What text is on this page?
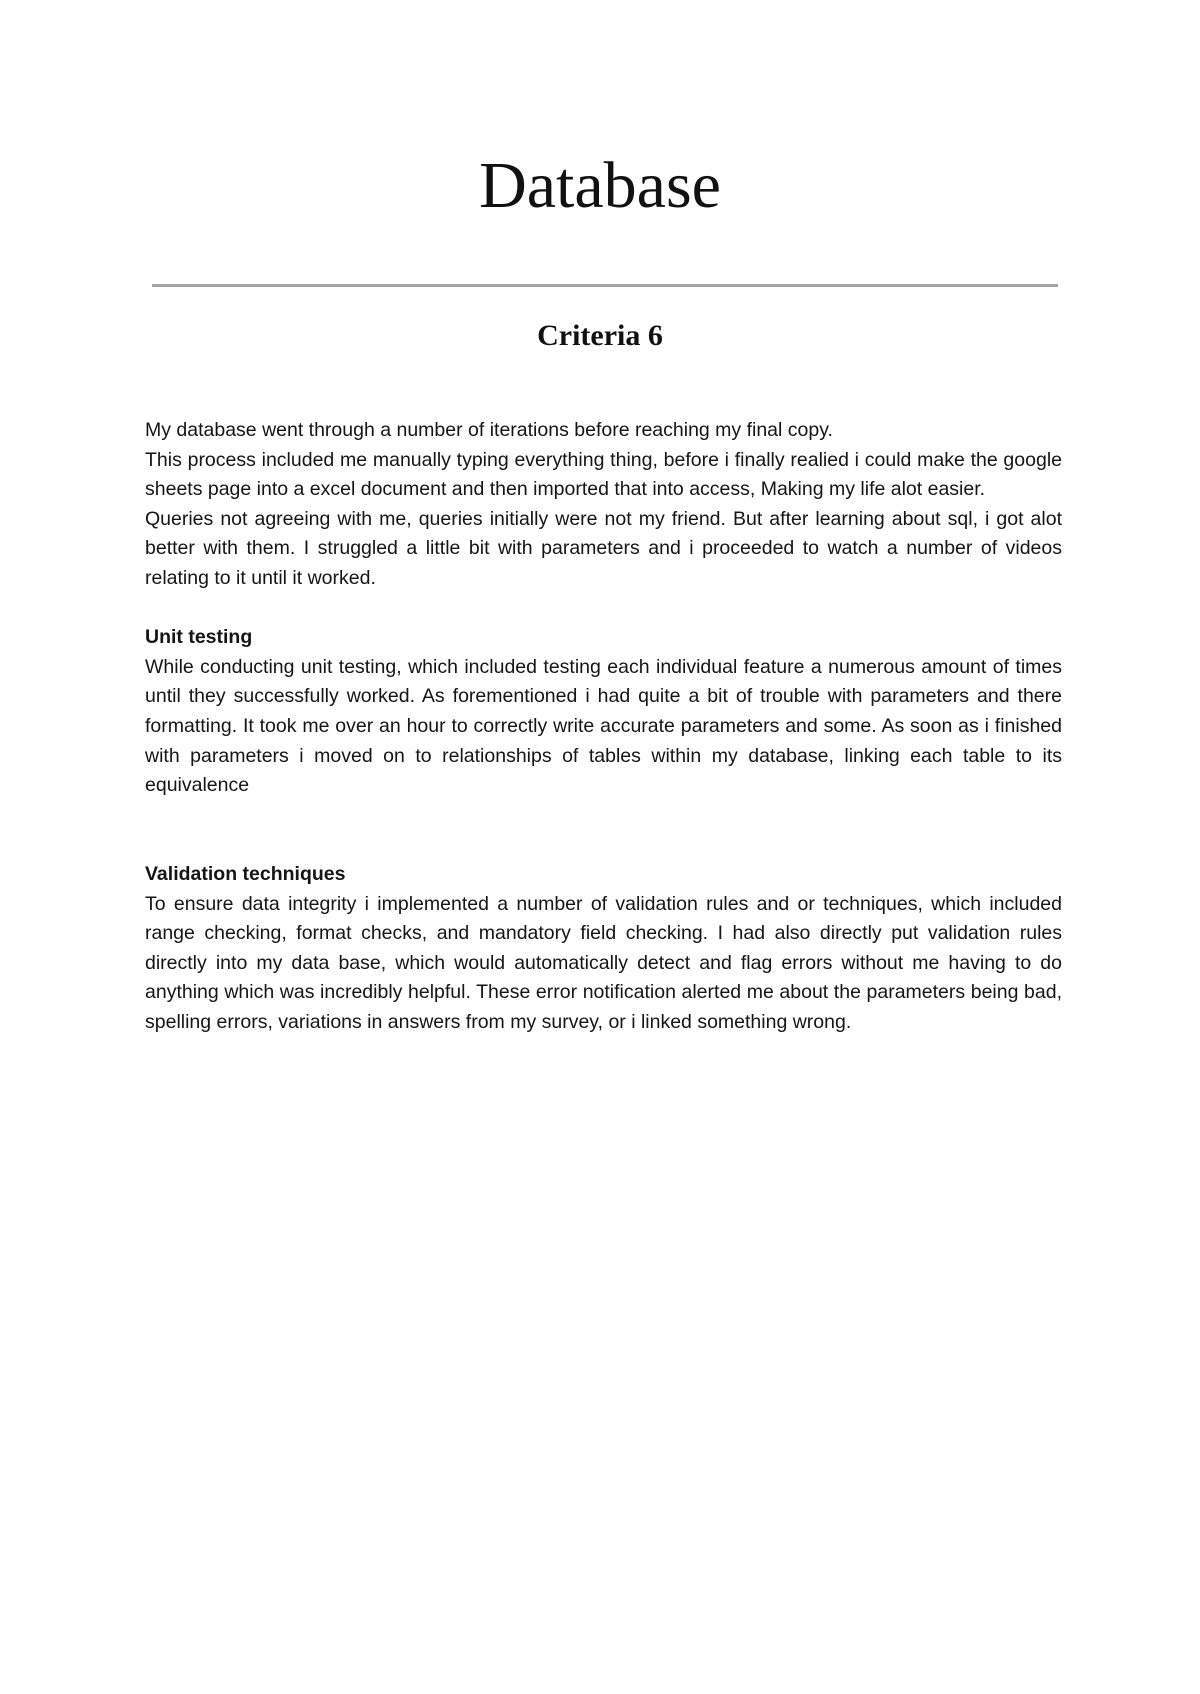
Database
Criteria 6

My database went through a number of iterations before reaching my final copy.

This process included me manually typing everything thing, before i finally realied i could make the google sheets page into a excel document and then imported that into access, Making my life alot easier.

Queries not agreeing with me, queries initially were not my friend. But after learning about sql, i got alot better with them. I struggled a little bit with parameters and i proceeded to watch a number of videos relating to it until it worked.

Unit testing

While conducting unit testing, which included testing each individual feature a numerous amount of times until they successfully worked. As forementioned i had quite a bit of trouble with parameters and there formatting. It took me over an hour to correctly write accurate parameters and some. As soon as i finished with parameters i moved on to relationships of tables within my database, linking each table to its equivalence

Validation techniques

To ensure data integrity i implemented a number of validation rules and or techniques, which included range checking, format checks, and mandatory field checking. I had also directly put validation rules directly into my data base, which would automatically detect and flag errors without me having to do anything which was incredibly helpful. These error notification alerted me about the parameters being bad, spelling errors, variations in answers from my survey, or i linked something wrong.
